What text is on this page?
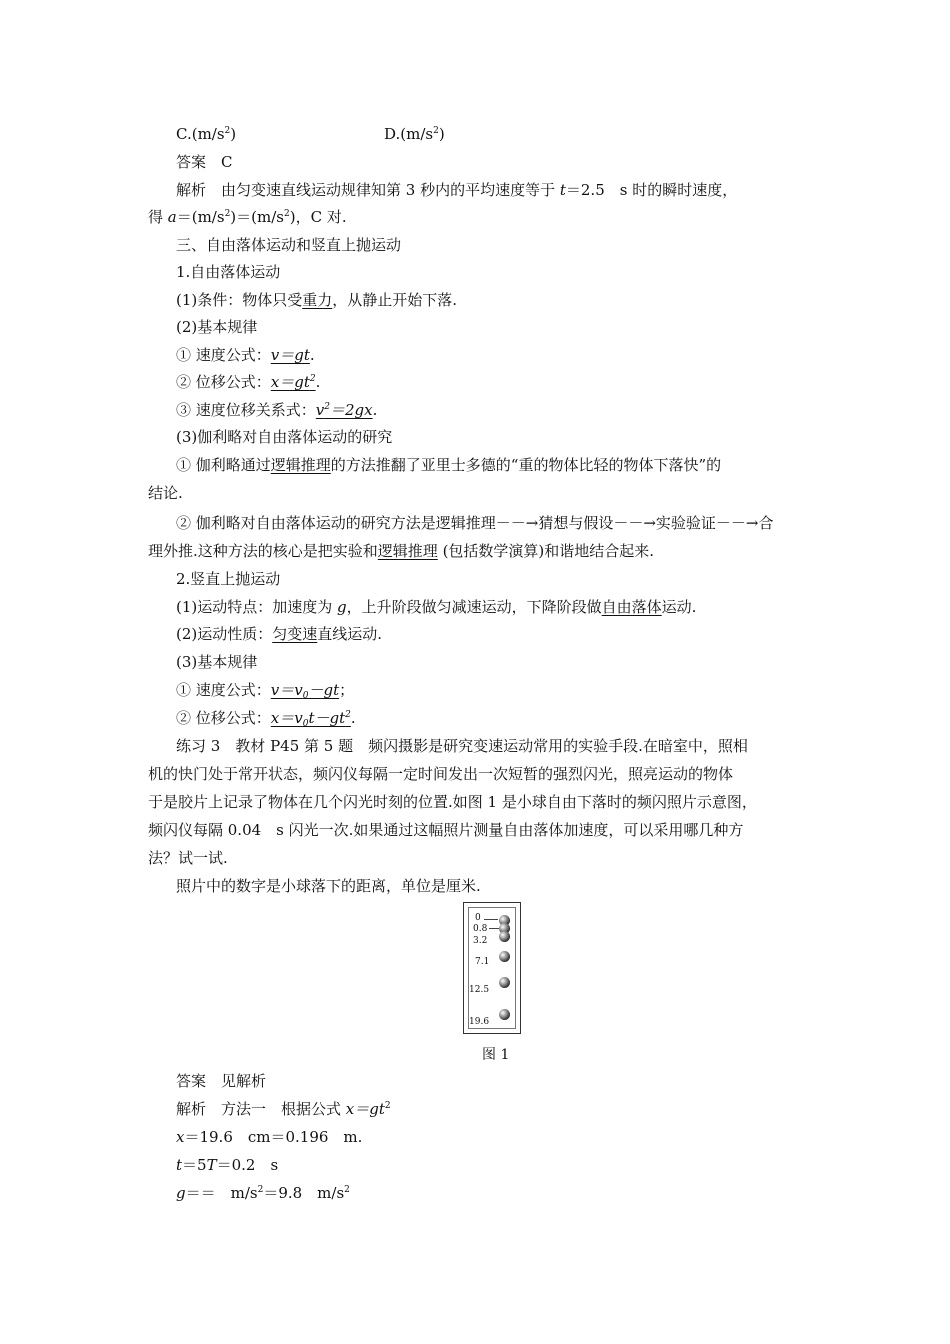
$C.(m/s^2)$	$D.(m/s^2)$
答案　C
解析　由匀变速直线运动规律知第 3 秒内的平均速度等于 t＝2.5　s 时的瞬时速度，
得 $a=(m/s^2)=(m/s^2)$，C 对.
三、自由落体运动和竖直上抛运动
1.自由落体运动
(1)条件：物体只受重力，从静止开始下落.
(2)基本规律
① 速度公式：v＝gt.
② 位移公式：$x=gt^2$.
③ 速度位移关系式：$v^2=2gx$.
(3)伽利略对自由落体运动的研究
① 伽利略通过逻辑推理的方法推翻了亚里士多德的“重的物体比轻的物体下落快”的
结论.
② 伽利略对自由落体运动的研究方法是逻辑推理－－→猜想与假设－－→实验验证－－→合
理外推.这种方法的核心是把实验和逻辑推理 (包括数学演算)和谐地结合起来.
2.竖直上抛运动
(1)运动特点：加速度为 g，上升阶段做匀减速运动，下降阶段做自由落体运动.
(2)运动性质：匀变速直线运动.
(3)基本规律
① 速度公式：$v=v_0-gt$；
② 位移公式：$x=v_0t-gt^2$.
练习 3　教材 P45 第 5 题　频闪摄影是研究变速运动常用的实验手段.在暗室中，照相
机的快门处于常开状态，频闪仪每隔一定时间发出一次短暂的强烈闪光，照亮运动的物体
于是胶片上记录了物体在几个闪光时刻的位置.如图 1 是小球自由下落时的频闪照片示意图，
频闪仪每隔 0.04　s 闪光一次.如果通过这幅照片测量自由落体加速度，可以采用哪几种方
法？试一试.
照片中的数字是小球落下的距离，单位是厘米.
0
0.8
3.2
7.1
12.5
19.6
图 1
答案　见解析
解析　方法一　根据公式 $x=gt^2$
x＝19.6　cm＝0.196　m.
t＝5T＝0.2　s
g＝＝　$m/s^2=9.8$　$m/s^2$
